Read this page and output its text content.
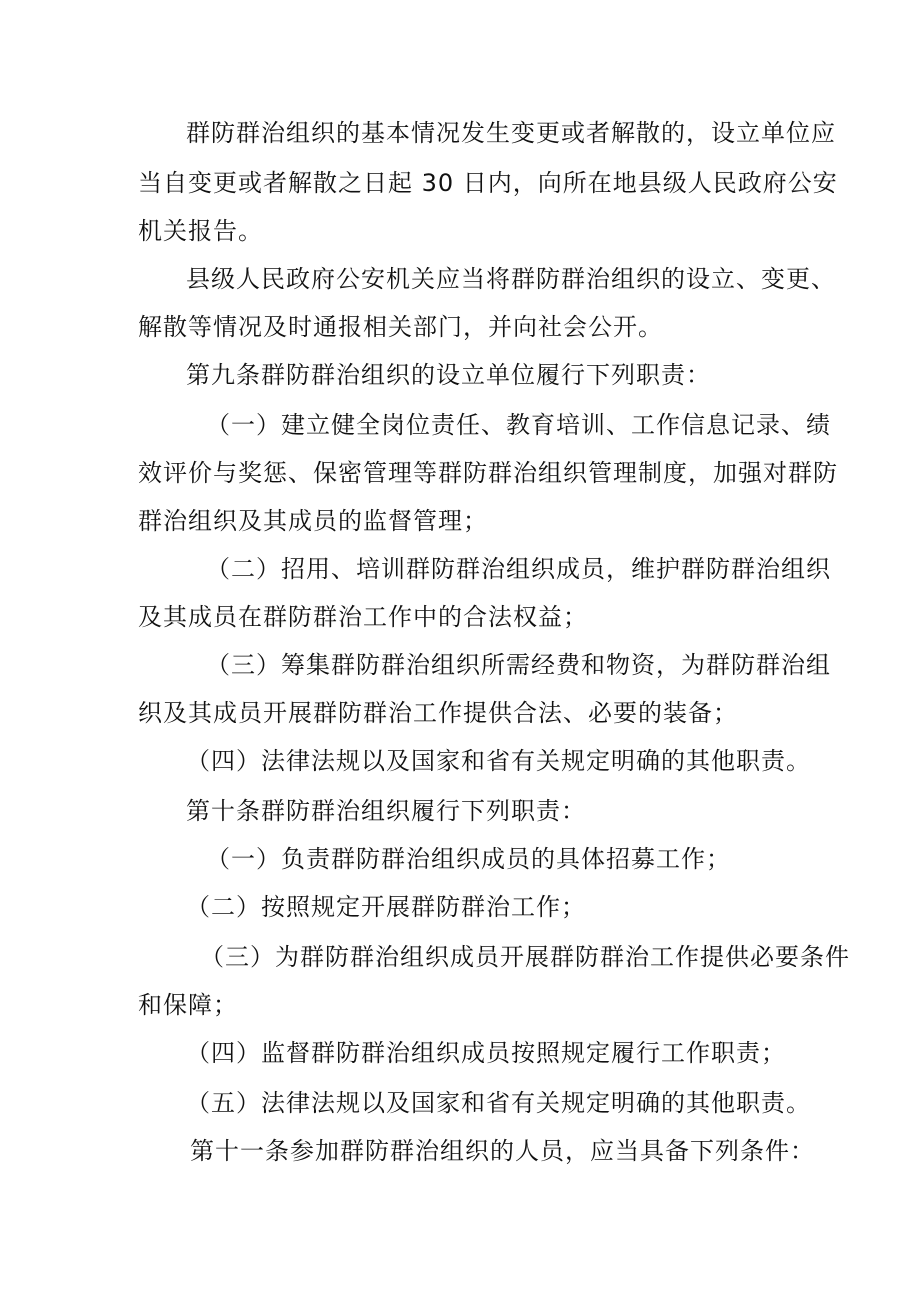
群防群治组织的基本情况发生变更或者解散的，设立单位应
当自变更或者解散之日起 30 日内，向所在地县级人民政府公安
机关报告。
县级人民政府公安机关应当将群防群治组织的设立、变更、
解散等情况及时通报相关部门，并向社会公开。
第九条群防群治组织的设立单位履行下列职责：
（一）建立健全岗位责任、教育培训、工作信息记录、绩
效评价与奖惩、保密管理等群防群治组织管理制度，加强对群防
群治组织及其成员的监督管理；
（二）招用、培训群防群治组织成员，维护群防群治组织
及其成员在群防群治工作中的合法权益；
（三）筹集群防群治组织所需经费和物资，为群防群治组
织及其成员开展群防群治工作提供合法、必要的装备；
（四）法律法规以及国家和省有关规定明确的其他职责。
第十条群防群治组织履行下列职责：
（一）负责群防群治组织成员的具体招募工作；
（二）按照规定开展群防群治工作；
（三）为群防群治组织成员开展群防群治工作提供必要条件
和保障；
（四）监督群防群治组织成员按照规定履行工作职责；
（五）法律法规以及国家和省有关规定明确的其他职责。
第十一条参加群防群治组织的人员，应当具备下列条件：
